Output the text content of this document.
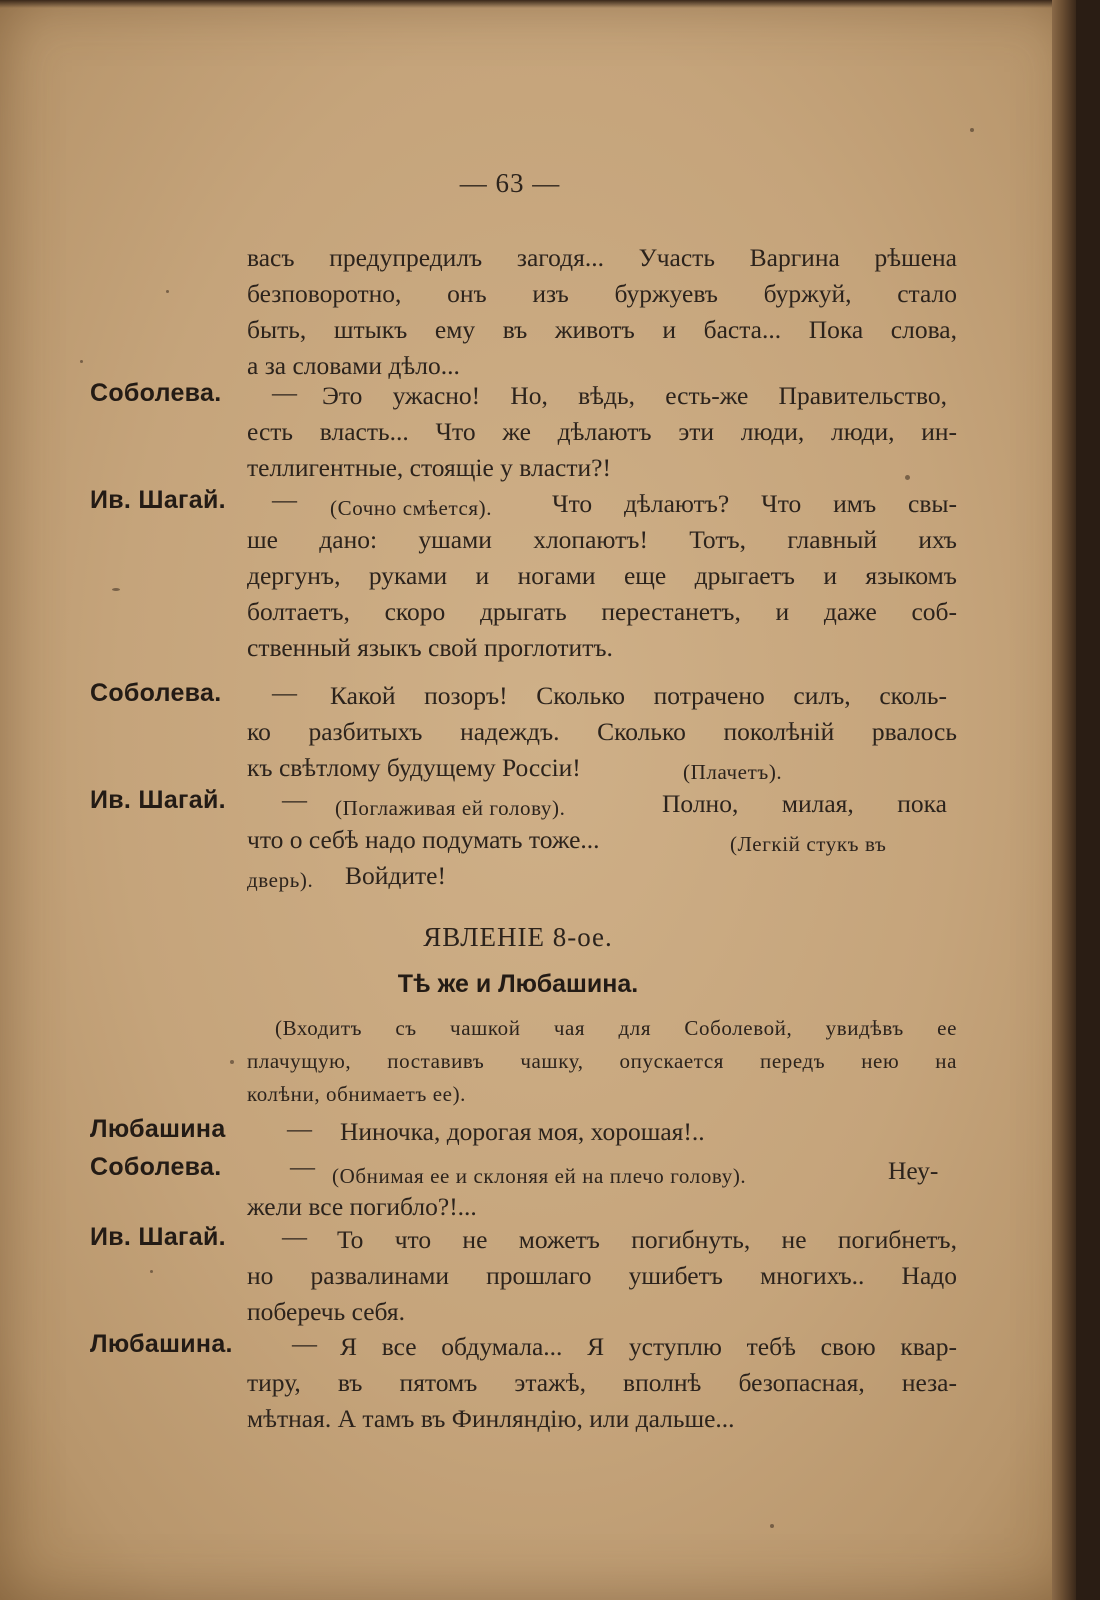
— 63 —
васъ предупредилъ загодя... Участь Варгина рѣшена
безповоротно, онъ изъ буржуевъ буржуй, стало
быть, штыкъ ему въ животъ и баста... Пока слова,
а за словами дѣло...
Соболева. — Это ужасно! Но, вѣдь, есть-же Правительство,
есть власть... Что же дѣлаютъ эти люди, люди, ин-
теллигентные, стоящіе у власти?!
Ив. Шагай. — (Сочно смѣется). Что дѣлаютъ? Что имъ свы-
ше дано: ушами хлопаютъ! Тотъ, главный ихъ
дергунъ, руками и ногами еще дрыгаетъ и языкомъ
болтаетъ, скоро дрыгать перестанетъ, и даже соб-
ственный языкъ свой проглотитъ.
Соболева. — Какой позоръ! Сколько потрачено силъ, сколь-
ко разбитыхъ надеждъ. Сколько поколѣній рвалось
къ свѣтлому будущему Россіи!	(Плачетъ).
Ив. Шагай. — (Поглаживая ей голову).	Полно, милая, пока
что о себѣ надо подумать тоже...	(Легкій стукъ въ
дверь). Войдите!
ЯВЛЕНІЕ 8-ое.
Тѣ же и Любашина.
(Входитъ съ чашкой чая для Соболевой, увидѣвъ ее
плачущую, поставивъ чашку, опускается передъ нею на
колѣни, обнимаетъ ее).
Любашина — Ниночка, дорогая моя, хорошая!..
Соболева.	— (Обнимая ее и склоняя ей на плечо голову).	Неу-
жели все погибло?!...
Ив. Шагай. — То что не можетъ погибнуть, не погибнетъ,
но развалинами прошлаго ушибетъ многихъ.. Надо
поберечь себя.
Любашина. — Я все обдумала... Я уступлю тебѣ свою квар-
тиру, въ пятомъ этажѣ, вполнѣ безопасная, неза-
мѣтная. А тамъ въ Финляндію, или дальше...
